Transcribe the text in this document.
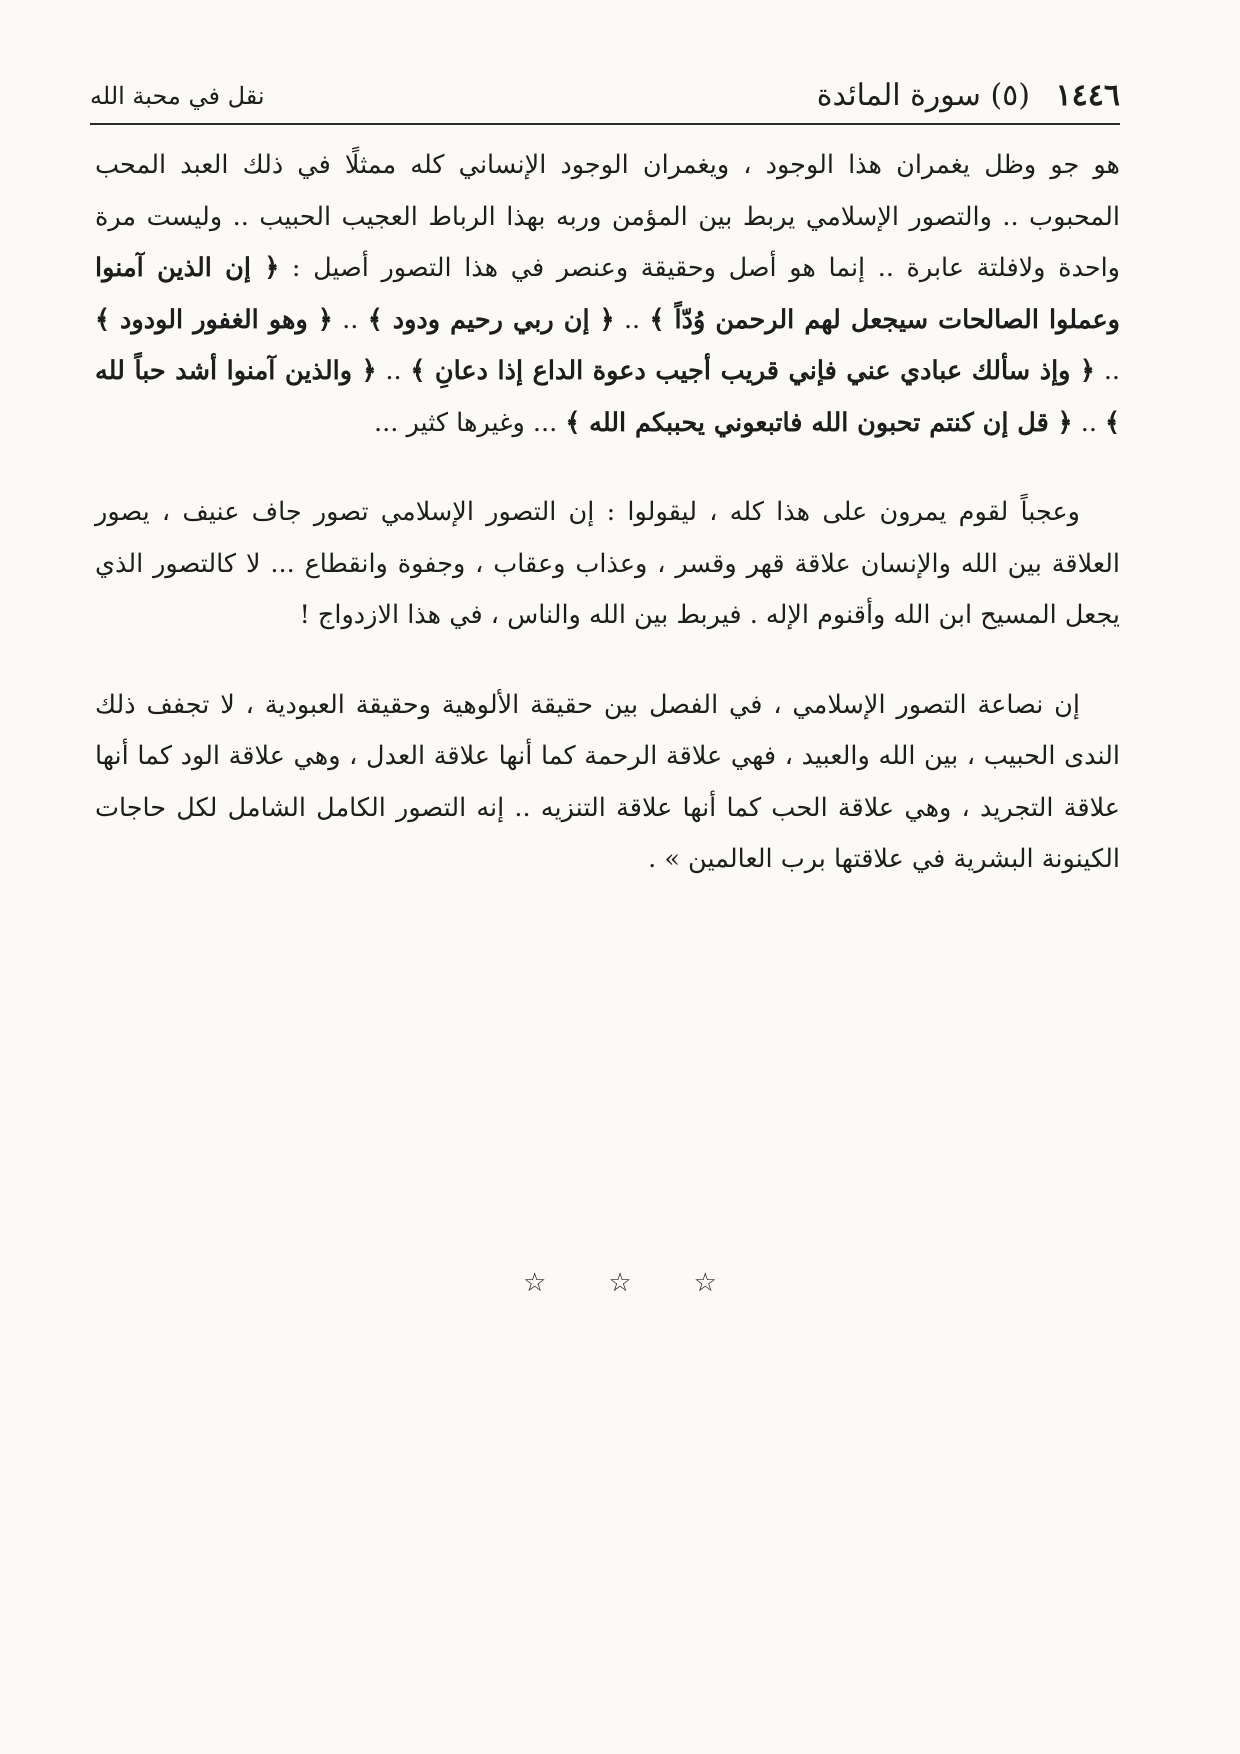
١٤٤٦ (٥) سورة المائدة
نقل في محبة الله

هو جو وظل يغمران هذا الوجود ، ويغمران الوجود الإنساني كله ممثلًا في ذلك العبد المحب المحبوب .. والتصور الإسلامي يربط بين المؤمن وربه بهذا الرباط العجيب الحبيب .. وليست مرة واحدة ولافلتة عابرة .. إنما هو أصل وحقيقة وعنصر في هذا التصور أصيل : ﴿ إن الذين آمنوا وعملوا الصالحات سيجعل لهم الرحمن وُدّاً ﴾ .. ﴿ إن ربي رحيم ودود ﴾ .. ﴿ وهو الغفور الودود ﴾ .. ﴿ وإذ سألك عبادي عني فإني قريب أجيب دعوة الداع إذا دعانِ ﴾ .. ﴿ والذين آمنوا أشد حباً لله ﴾ .. ﴿ قل إن كنتم تحبون الله فاتبعوني يحببكم الله ﴾ ... وغيرها كثير ...

وعجباً لقوم يمرون على هذا كله ، ليقولوا : إن التصور الإسلامي تصور جاف عنيف ، يصور العلاقة بين الله والإنسان علاقة قهر وقسر ، وعذاب وعقاب ، وجفوة وانقطاع ... لا كالتصور الذي يجعل المسيح ابن الله وأقنوم الإله . فيربط بين الله والناس ، في هذا الازدواج !

إن نصاعة التصور الإسلامي ، في الفصل بين حقيقة الألوهية وحقيقة العبودية ، لا تجفف ذلك الندى الحبيب ، بين الله والعبيد ، فهي علاقة الرحمة كما أنها علاقة العدل ، وهي علاقة الود كما أنها علاقة التجريد ، وهي علاقة الحب كما أنها علاقة التنزيه .. إنه التصور الكامل الشامل لكل حاجات الكينونة البشرية في علاقتها برب العالمين » .

☆ ☆ ☆
